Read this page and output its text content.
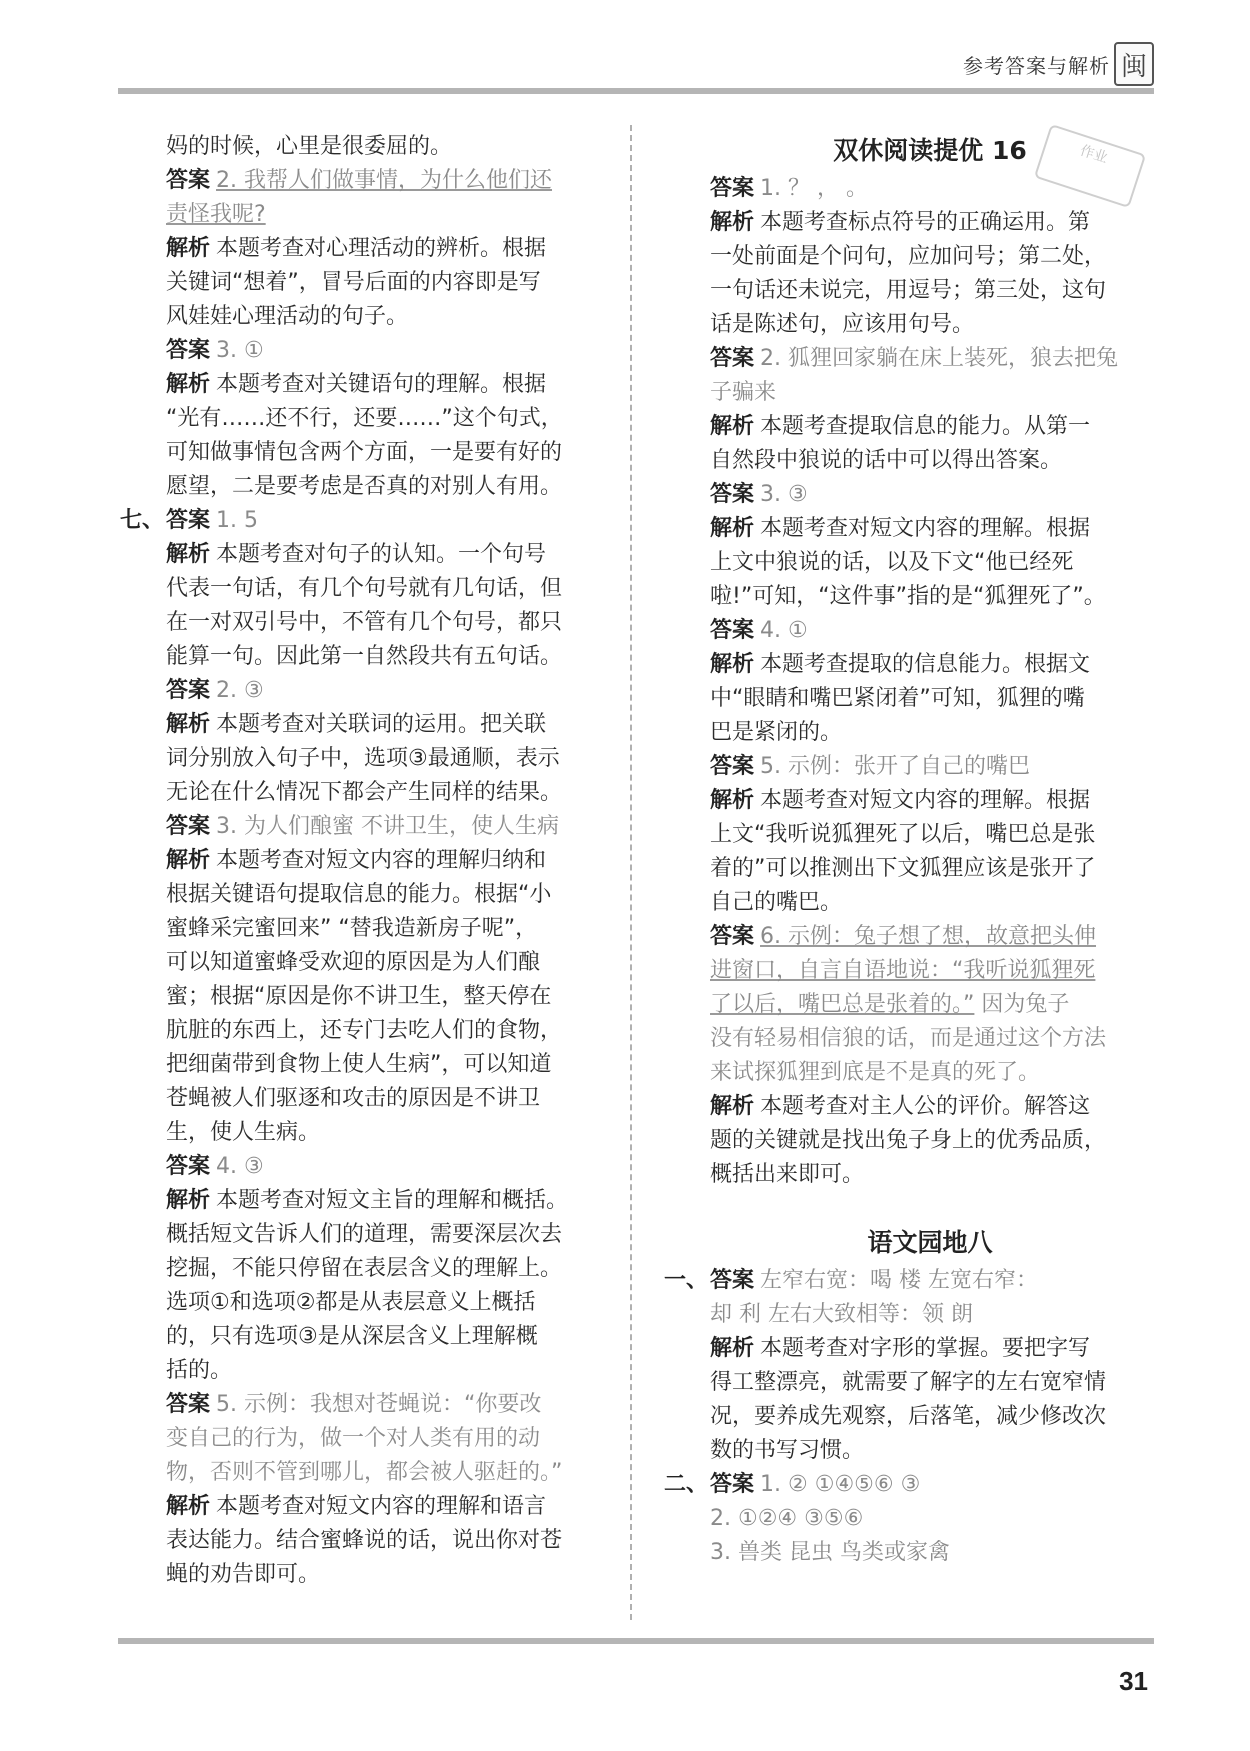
参考答案与解析 闽
作业
妈的时候，心里是很委屈的。
答案 2. 我帮人们做事情，为什么他们还
责怪我呢?
解析 本题考查对心理活动的辨析。根据
关键词“想着”，冒号后面的内容即是写
风娃娃心理活动的句子。
答案 3. ①
解析 本题考查对关键语句的理解。根据
“光有……还不行，还要……”这个句式，
可知做事情包含两个方面，一是要有好的
愿望，二是要考虑是否真的对别人有用。
七、答案 1. 5
解析 本题考查对句子的认知。一个句号
代表一句话，有几个句号就有几句话，但
在一对双引号中，不管有几个句号，都只
能算一句。因此第一自然段共有五句话。
答案 2. ③
解析 本题考查对关联词的运用。把关联
词分别放入句子中，选项③最通顺，表示
无论在什么情况下都会产生同样的结果。
答案 3. 为人们酿蜜 不讲卫生，使人生病
解析 本题考查对短文内容的理解归纳和
根据关键语句提取信息的能力。根据“小
蜜蜂采完蜜回来” “替我造新房子呢”，
可以知道蜜蜂受欢迎的原因是为人们酿
蜜；根据“原因是你不讲卫生，整天停在
肮脏的东西上，还专门去吃人们的食物，
把细菌带到食物上使人生病”，可以知道
苍蝇被人们驱逐和攻击的原因是不讲卫
生，使人生病。
答案 4. ③
解析 本题考查对短文主旨的理解和概括。
概括短文告诉人们的道理，需要深层次去
挖掘，不能只停留在表层含义的理解上。
选项①和选项②都是从表层意义上概括
的，只有选项③是从深层含义上理解概
括的。
答案 5. 示例：我想对苍蝇说：“你要改
变自己的行为，做一个对人类有用的动
物，否则不管到哪儿，都会被人驱赶的。”
解析 本题考查对短文内容的理解和语言
表达能力。结合蜜蜂说的话，说出你对苍
蝇的劝告即可。
双休阅读提优 16
答案 1. ？ ， 。
解析 本题考查标点符号的正确运用。第
一处前面是个问句，应加问号；第二处，
一句话还未说完，用逗号；第三处，这句
话是陈述句，应该用句号。
答案 2. 狐狸回家躺在床上装死，狼去把兔
子骗来
解析 本题考查提取信息的能力。从第一
自然段中狼说的话中可以得出答案。
答案 3. ③
解析 本题考查对短文内容的理解。根据
上文中狼说的话，以及下文“他已经死
啦!”可知，“这件事”指的是“狐狸死了”。
答案 4. ①
解析 本题考查提取的信息能力。根据文
中“眼睛和嘴巴紧闭着”可知，狐狸的嘴
巴是紧闭的。
答案 5. 示例：张开了自己的嘴巴
解析 本题考查对短文内容的理解。根据
上文“我听说狐狸死了以后，嘴巴总是张
着的”可以推测出下文狐狸应该是张开了
自己的嘴巴。
答案 6. 示例：兔子想了想，故意把头伸
进窗口，自言自语地说：“我听说狐狸死
了以后，嘴巴总是张着的。” 因为兔子
没有轻易相信狼的话，而是通过这个方法
来试探狐狸到底是不是真的死了。
解析 本题考查对主人公的评价。解答这
题的关键就是找出兔子身上的优秀品质，
概括出来即可。
语文园地八
一、答案 左窄右宽：喝 楼 左宽右窄：
却 利 左右大致相等：领 朗
解析 本题考查对字形的掌握。要把字写
得工整漂亮，就需要了解字的左右宽窄情
况，要养成先观察，后落笔，减少修改次
数的书写习惯。
二、答案 1. ② ①④⑤⑥ ③
2. ①②④ ③⑤⑥
3. 兽类 昆虫 鸟类或家禽
31
